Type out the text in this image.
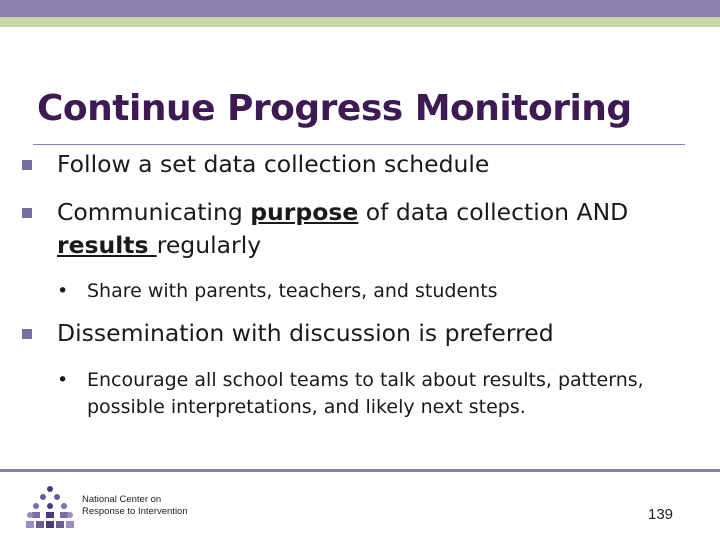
Continue Progress Monitoring
Follow a set data collection schedule
Communicating purpose of data collection AND results regularly
• Share with parents, teachers, and students
Dissemination with discussion is preferred
• Encourage all school teams to talk about results, patterns, possible interpretations, and likely next steps.
National Center on
Response to Intervention	139
